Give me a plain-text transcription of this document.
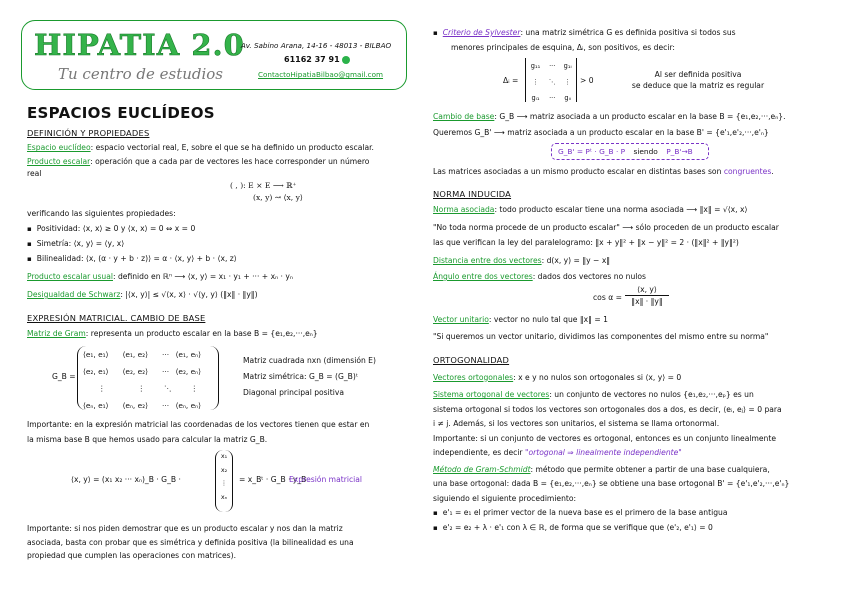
HIPATIA 2.0
Tu centro de estudios
Av. Sabino Arana, 14-16 - 48013 - BILBAO
61162 37 91
ContactoHipatiaBilbao@gmail.com
ESPACIOS EUCLÍDEOS
DEFINICIÓN Y PROPIEDADES
Espacio euclídeo: espacio vectorial real, E, sobre el que se ha definido un producto escalar.
Producto escalar: operación que a cada par de vectores les hace corresponder un número
real
( , ): E × E ⟶ ℝ⁺
(x, y) ↝ ⟨x, y⟩
verificando las siguientes propiedades:
▪ Positividad: ⟨x, x⟩ ≥ 0 y ⟨x, x⟩ = 0 ⇔ x = 0
▪ Simetría: ⟨x, y⟩ = ⟨y, x⟩
▪ Bilinealidad: ⟨x, (α · y + b · z)⟩ = α · ⟨x, y⟩ + b · ⟨x, z⟩
Producto escalar usual: definido en ℝⁿ ⟶ ⟨x, y⟩ = x₁ · y₁ + ··· + xₙ · yₙ
Desigualdad de Schwarz: |⟨x, y⟩| ≤ √⟨x, x⟩ · √⟨y, y⟩ (‖x‖ · ‖y‖)
EXPRESIÓN MATRICIAL. CAMBIO DE BASE
Matriz de Gram: representa un producto escalar en la base B = {e₁,e₂,···,eₙ}
G_B =
⟨e₁, e₁⟩	⟨e₁, e₂⟩	···	⟨e₁, eₙ⟩
⟨e₂, e₁⟩	⟨e₂, e₂⟩	···	⟨e₂, eₙ⟩
⋮	⋮	⋱	⋮
⟨eₙ, e₁⟩	⟨eₙ, e₂⟩	···	⟨eₙ, eₙ⟩
Matriz cuadrada nxn (dimensión E)
Matriz simétrica: G_B = (G_B)ᵗ
Diagonal principal positiva
Importante: en la expresión matricial las coordenadas de los vectores tienen que estar en
la misma base B que hemos usado para calcular la matriz G_B.
⟨x, y⟩ = (x₁ x₂ ··· xₙ)_B · G_B ·
x₁
x₂
⋮
xₙ
= x_Bᵗ · G_B · y_B
Expresión matricial
Importante: si nos piden demostrar que es un producto escalar y nos dan la matriz
asociada, basta con probar que es simétrica y definida positiva (la bilinealidad es una
propiedad que cumplen las operaciones con matrices).
▪ Criterio de Sylvester: una matriz simétrica G es definida positiva si todos sus
menores principales de esquina, Δᵢ, son positivos, es decir:
Δᵢ =
g₁₁	···	g₁ᵢ
⋮	⋱	⋮
gᵢ₁	···	gᵢᵢ
> 0
Al ser definida positiva
se deduce que la matriz es regular
Cambio de base: G_B ⟶ matriz asociada a un producto escalar en la base B = {e₁,e₂,···,eₙ}.
Queremos G_B' ⟶ matriz asociada a un producto escalar en la base B' = {e'₁,e'₂,···,e'ₙ}
G_B' = Pᵗ · G_B · P siendo P_B'→B
Las matrices asociadas a un mismo producto escalar en distintas bases son congruentes.
NORMA INDUCIDA
Norma asociada: todo producto escalar tiene una norma asociada ⟶ ‖x‖ = √⟨x, x⟩
"No toda norma procede de un producto escalar" ⟶ sólo proceden de un producto escalar
las que verifican la ley del paralelogramo: ‖x + y‖² + ‖x − y‖² = 2 · (‖x‖² + ‖y‖²)
Distancia entre dos vectores: d(x, y) = ‖y − x‖
Ángulo entre dos vectores: dados dos vectores no nulos
cos α =
⟨x, y⟩
‖x‖ · ‖y‖
Vector unitario: vector no nulo tal que ‖x‖ = 1
"Si queremos un vector unitario, dividimos las componentes del mismo entre su norma"
ORTOGONALIDAD
Vectores ortogonales: x e y no nulos son ortogonales si ⟨x, y⟩ = 0
Sistema ortogonal de vectores: un conjunto de vectores no nulos {e₁,e₂,···,eₚ} es un
sistema ortogonal si todos los vectores son ortogonales dos a dos, es decir, ⟨eᵢ, eⱼ⟩ = 0 para
i ≠ j. Además, si los vectores son unitarios, el sistema se llama ortonormal.
Importante: si un conjunto de vectores es ortogonal, entonces es un conjunto linealmente
independiente, es decir "ortogonal ⇒ linealmente independiente"
Método de Gram-Schmidt: método que permite obtener a partir de una base cualquiera,
una base ortogonal: dada B = {e₁,e₂,···,eₙ} se obtiene una base ortogonal B' = {e'₁,e'₂,···,e'ₙ}
siguiendo el siguiente procedimiento:
▪ e'₁ = e₁ el primer vector de la nueva base es el primero de la base antigua
▪ e'₂ = e₂ + λ · e'₁ con λ ∈ ℝ, de forma que se verifique que ⟨e'₂, e'₁⟩ = 0
